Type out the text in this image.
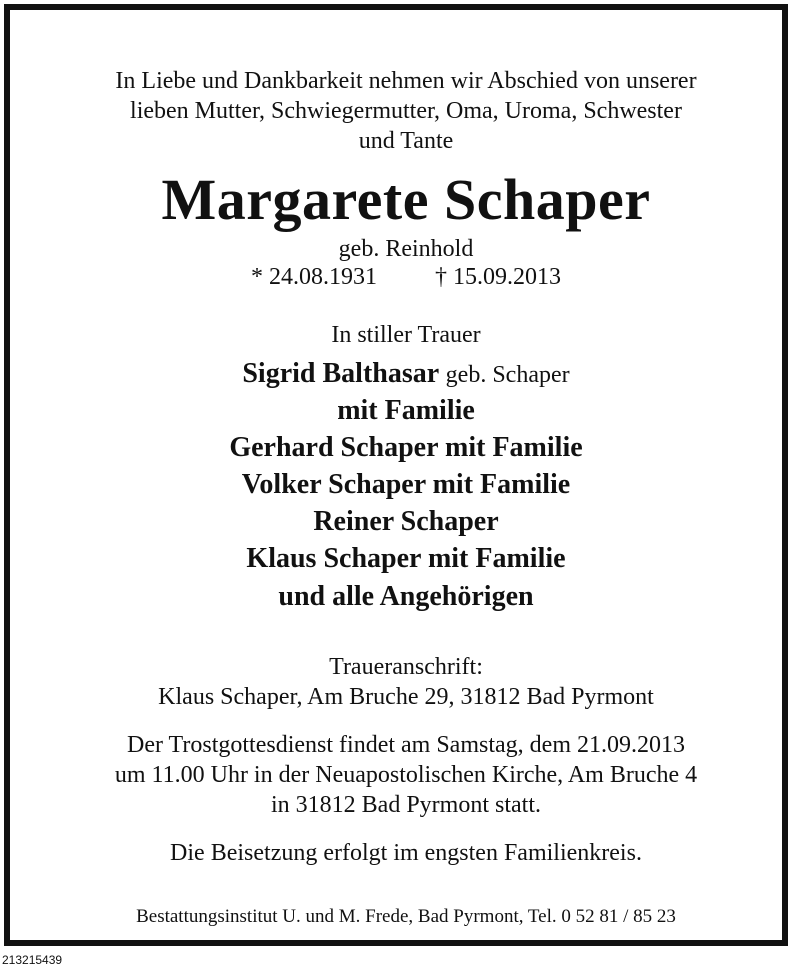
In Liebe und Dankbarkeit nehmen wir Abschied von unserer
lieben Mutter, Schwiegermutter, Oma, Uroma, Schwester
und Tante
Margarete Schaper
geb. Reinhold
* 24.08.1931 † 15.09.2013
In stiller Trauer
Sigrid Balthasar geb. Schaper
mit Familie
Gerhard Schaper mit Familie
Volker Schaper mit Familie
Reiner Schaper
Klaus Schaper mit Familie
und alle Angehörigen
Traueranschrift:
Klaus Schaper, Am Bruche 29, 31812 Bad Pyrmont
Der Trostgottesdienst findet am Samstag, dem 21.09.2013
um 11.00 Uhr in der Neuapostolischen Kirche, Am Bruche 4
in 31812 Bad Pyrmont statt.
Die Beisetzung erfolgt im engsten Familienkreis.
Bestattungsinstitut U. und M. Frede, Bad Pyrmont, Tel. 0 52 81 / 85 23
213215439
